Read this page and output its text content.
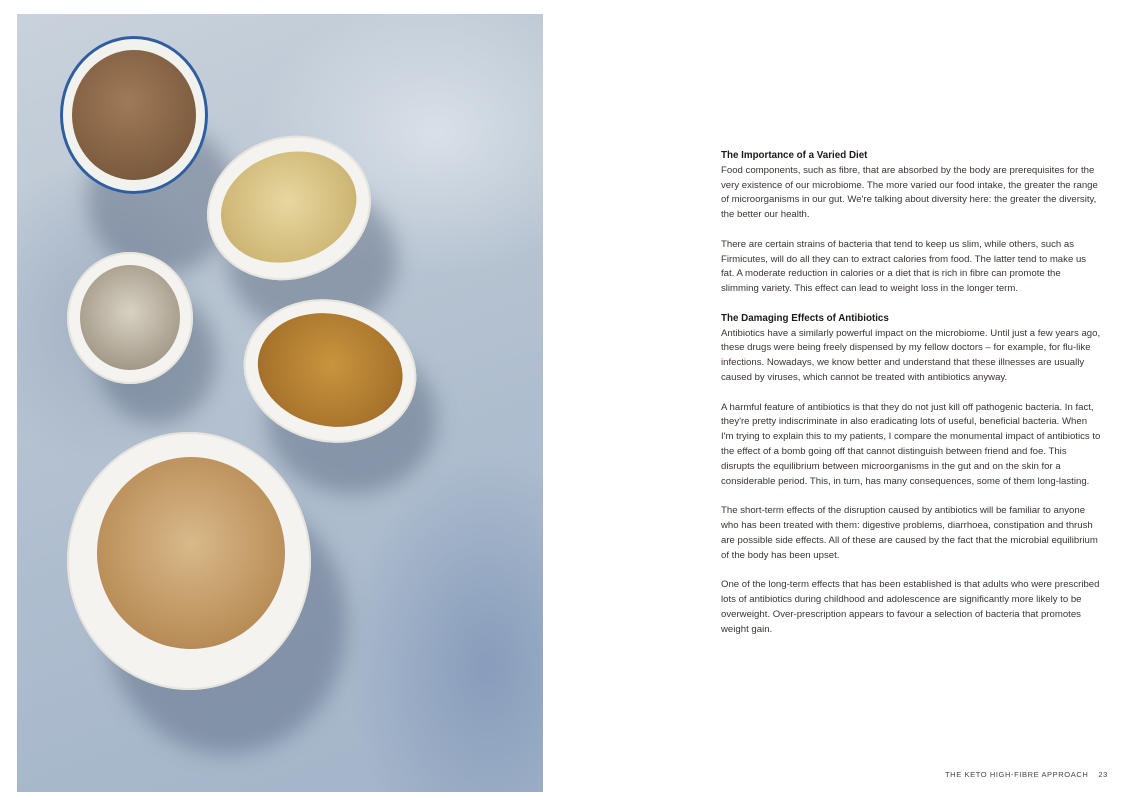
The Importance of a Varied Diet

Food components, such as fibre, that are absorbed by the body are prerequisites for the very existence of our microbiome. The more varied our food intake, the greater the range of microorganisms in our gut. We're talking about diversity here: the greater the diversity, the better our health.

There are certain strains of bacteria that tend to keep us slim, while others, such as Firmicutes, will do all they can to extract calories from food. The latter tend to make us fat. A moderate reduction in calories or a diet that is rich in fibre can promote the slimming variety. This effect can lead to weight loss in the longer term.

The Damaging Effects of Antibiotics

Antibiotics have a similarly powerful impact on the microbiome. Until just a few years ago, these drugs were being freely dispensed by my fellow doctors – for example, for flu-like infections. Nowadays, we know better and understand that these illnesses are usually caused by viruses, which cannot be treated with antibiotics anyway.

A harmful feature of antibiotics is that they do not just kill off pathogenic bacteria. In fact, they're pretty indiscriminate in also eradicating lots of useful, beneficial bacteria. When I'm trying to explain this to my patients, I compare the monumental impact of antibiotics to the effect of a bomb going off that cannot distinguish between friend and foe. This disrupts the equilibrium between microorganisms in the gut and on the skin for a considerable period. This, in turn, has many consequences, some of them long-lasting.

The short-term effects of the disruption caused by antibiotics will be familiar to anyone who has been treated with them: digestive problems, diarrhoea, constipation and thrush are possible side effects. All of these are caused by the fact that the microbial equilibrium of the body has been upset.

One of the long-term effects that has been established is that adults who were prescribed lots of antibiotics during childhood and adolescence are significantly more likely to be overweight. Over-prescription appears to favour a selection of bacteria that promotes weight gain.

THE KETO HIGH-FIBRE APPROACH 23
